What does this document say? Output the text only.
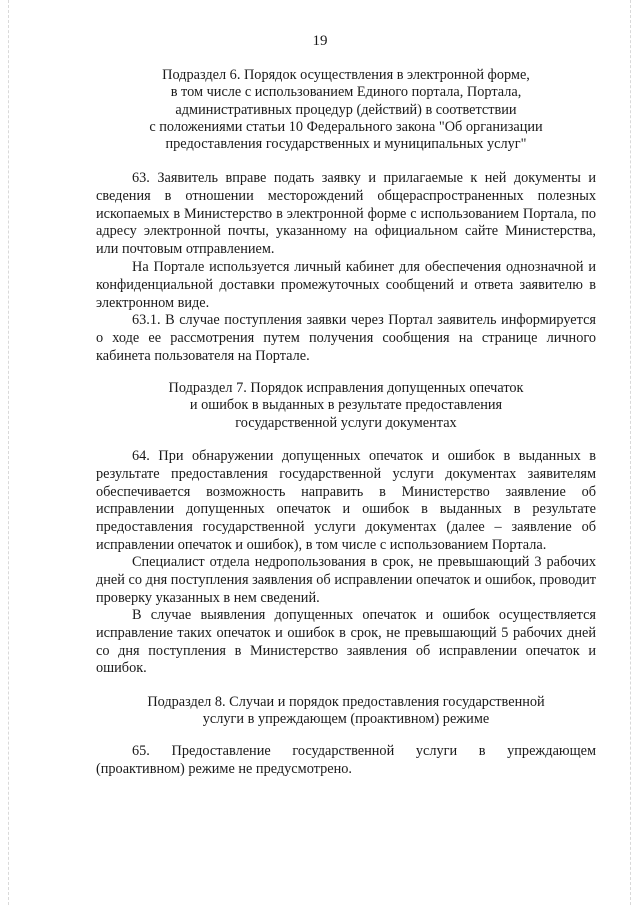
19
Подраздел 6. Порядок осуществления в электронной форме,
в том числе с использованием Единого портала, Портала,
административных процедур (действий) в соответствии
с положениями статьи 10 Федерального закона "Об организации
предоставления государственных и муниципальных услуг"

63. Заявитель вправе подать заявку и прилагаемые к ней документы и сведения в отношении месторождений общераспространенных полезных ископаемых в Министерство в электронной форме с использованием Портала, по адресу электронной почты, указанному на официальном сайте Министерства, или почтовым отправлением.

На Портале используется личный кабинет для обеспечения однозначной и конфиденциальной доставки промежуточных сообщений и ответа заявителю в электронном виде.

63.1. В случае поступления заявки через Портал заявитель информируется о ходе ее рассмотрения путем получения сообщения на странице личного кабинета пользователя на Портале.

Подраздел 7. Порядок исправления допущенных опечаток
и ошибок в выданных в результате предоставления
государственной услуги документах

64. При обнаружении допущенных опечаток и ошибок в выданных в результате предоставления государственной услуги документах заявителям обеспечивается возможность направить в Министерство заявление об исправлении допущенных опечаток и ошибок в выданных в результате предоставления государственной услуги документах (далее – заявление об исправлении опечаток и ошибок), в том числе с использованием Портала.

Специалист отдела недропользования в срок, не превышающий 3 рабочих дней со дня поступления заявления об исправлении опечаток и ошибок, проводит проверку указанных в нем сведений.

В случае выявления допущенных опечаток и ошибок осуществляется исправление таких опечаток и ошибок в срок, не превышающий 5 рабочих дней со дня поступления в Министерство заявления об исправлении опечаток и ошибок.

Подраздел 8. Случаи и порядок предоставления государственной
услуги в упреждающем (проактивном) режиме

65. Предоставление государственной услуги в упреждающем (проактивном) режиме не предусмотрено.
